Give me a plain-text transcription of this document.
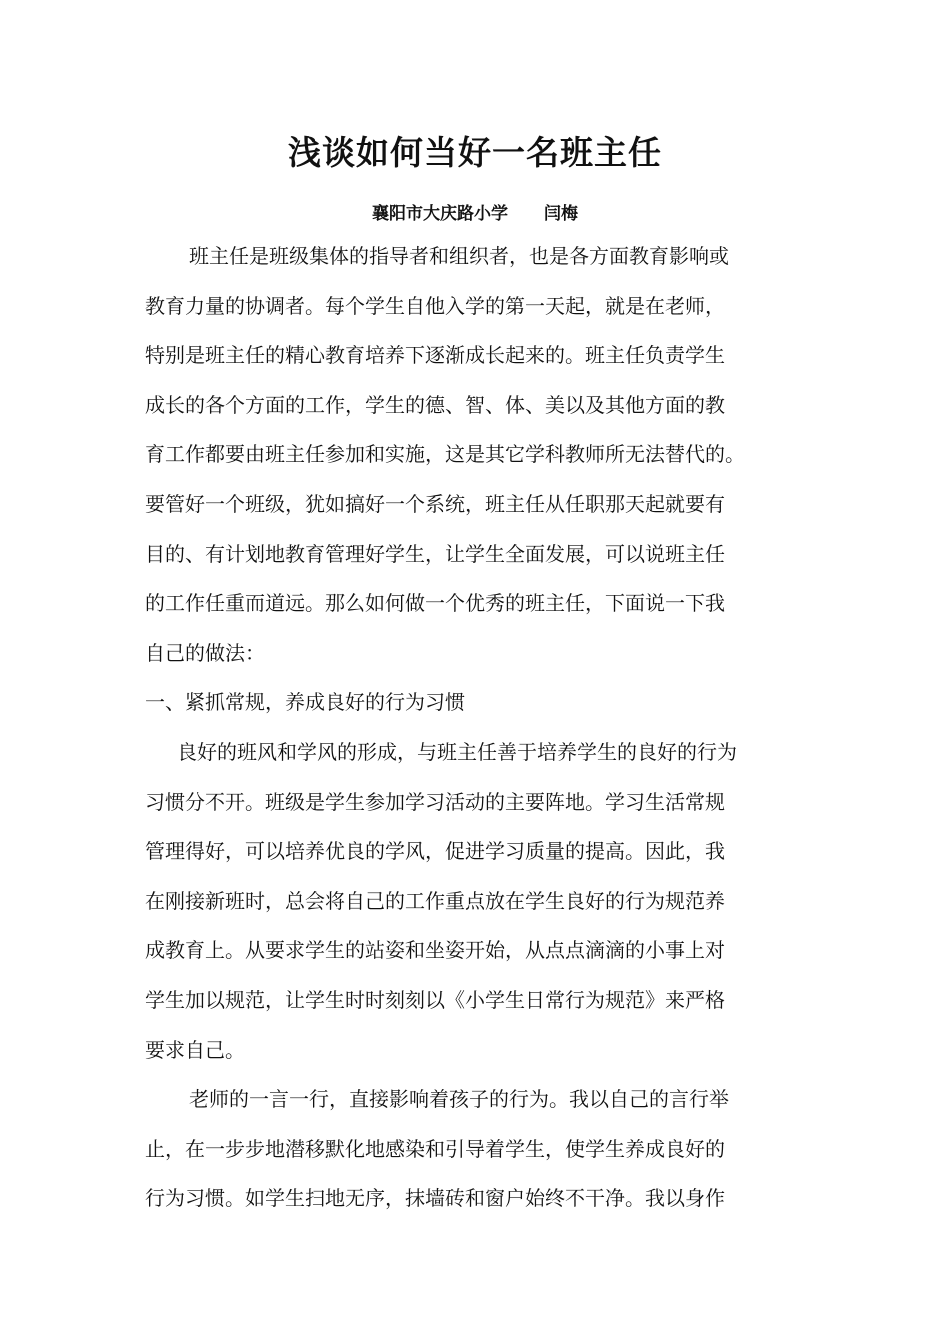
浅谈如何当好一名班主任

襄阳市大庆路小学 闫梅

班主任是班级集体的指导者和组织者，也是各方面教育影响或
教育力量的协调者。每个学生自他入学的第一天起，就是在老师，
特别是班主任的精心教育培养下逐渐成长起来的。班主任负责学生
成长的各个方面的工作，学生的德、智、体、美以及其他方面的教
育工作都要由班主任参加和实施，这是其它学科教师所无法替代的。
要管好一个班级，犹如搞好一个系统，班主任从任职那天起就要有
目的、有计划地教育管理好学生，让学生全面发展，可以说班主任
的工作任重而道远。那么如何做一个优秀的班主任，下面说一下我
自己的做法：
一、紧抓常规，养成良好的行为习惯
良好的班风和学风的形成，与班主任善于培养学生的良好的行为
习惯分不开。班级是学生参加学习活动的主要阵地。学习生活常规
管理得好，可以培养优良的学风，促进学习质量的提高。因此，我
在刚接新班时，总会将自己的工作重点放在学生良好的行为规范养
成教育上。从要求学生的站姿和坐姿开始，从点点滴滴的小事上对
学生加以规范，让学生时时刻刻以《小学生日常行为规范》来严格
要求自己。
老师的一言一行，直接影响着孩子的行为。我以自己的言行举
止，在一步步地潜移默化地感染和引导着学生，使学生养成良好的
行为习惯。如学生扫地无序，抹墙砖和窗户始终不干净。我以身作
